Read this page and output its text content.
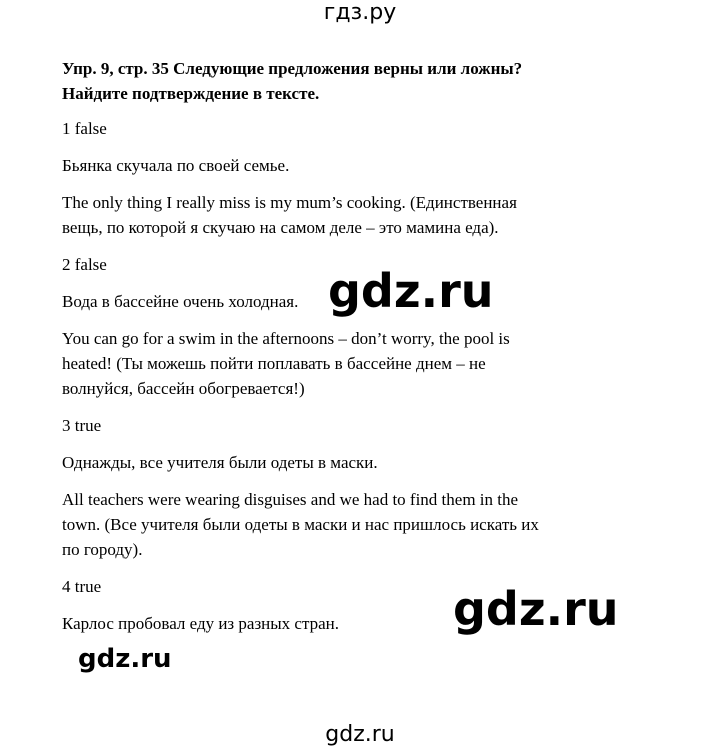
гдз.ру
Упр. 9, стр. 35 Следующие предложения верны или ложны?
Найдите подтверждение в тексте.
1 false

Бьянка скучала по своей семье.

The only thing I really miss is my mum’s cooking. (Единственная
вещь, по которой я скучаю на самом деле – это мамина еда).

2 false

Вода в бассейне очень холодная.

You can go for a swim in the afternoons – don’t worry, the pool is
heated! (Ты можешь пойти поплавать в бассейне днем – не
волнуйся, бассейн обогревается!)

3 true

Однажды, все учителя были одеты в маски.

All teachers were wearing disguises and we had to find them in the
town. (Все учителя были одеты в маски и нас пришлось искать их
по городу).

4 true

Карлос пробовал еду из разных стран.

gdz.ru
gdz.ru
gdz.ru
gdz.ru
